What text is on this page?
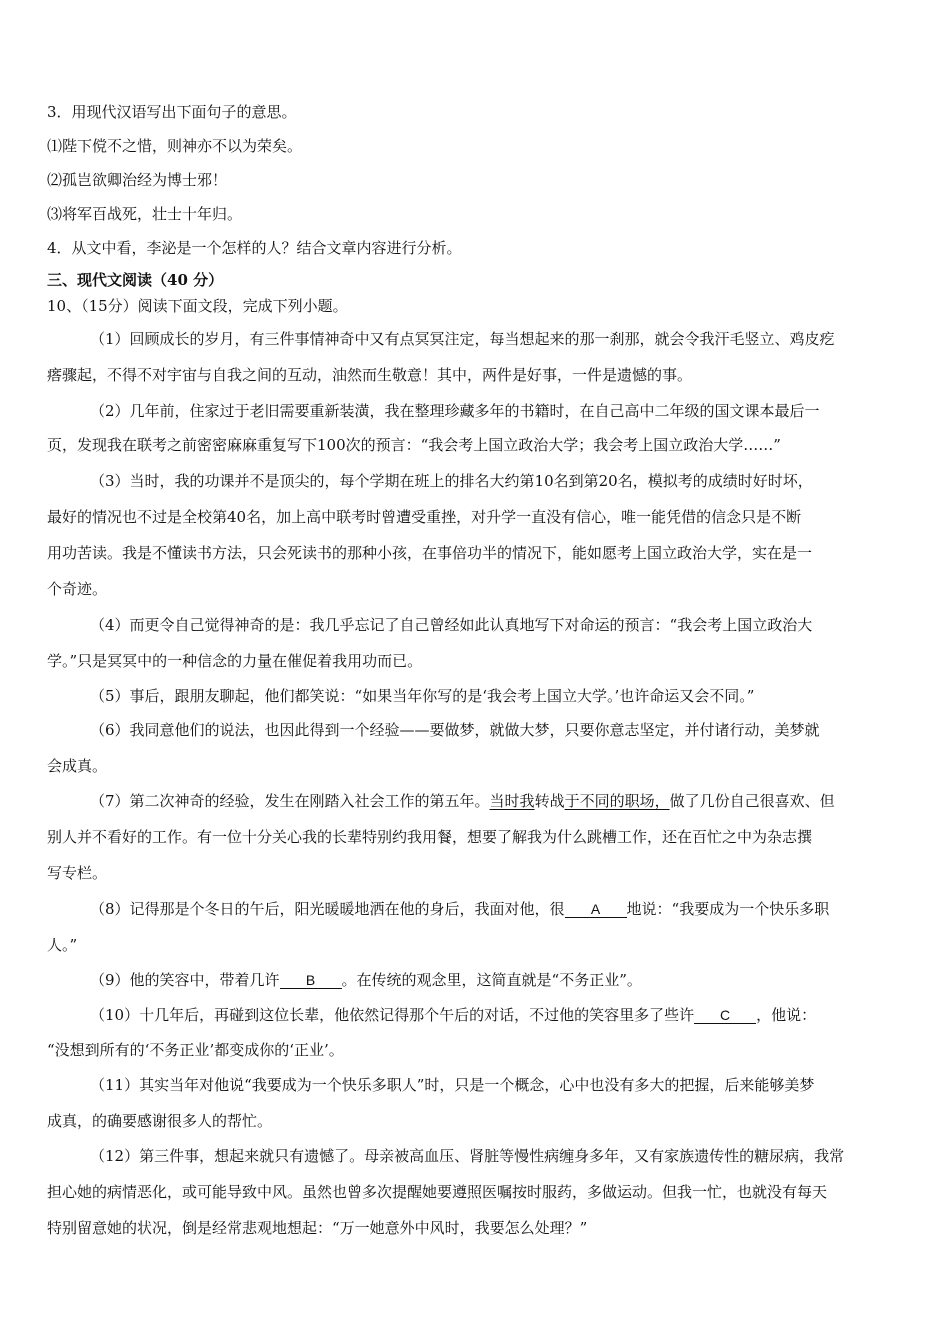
3．用现代汉语写出下面句子的意思。
⑴陛下傥不之惜，则神亦不以为荣矣。
⑵孤岂欲卿治经为博士邪！
⑶将军百战死，壮士十年归。
4．从文中看，李泌是一个怎样的人？结合文章内容进行分析。
三、现代文阅读（40 分）
10、（15分）阅读下面文段，完成下列小题。
（1）回顾成长的岁月，有三件事情神奇中又有点冥冥注定，每当想起来的那一刹那，就会令我汗毛竖立、鸡皮疙
瘩骤起，不得不对宇宙与自我之间的互动，油然而生敬意！其中，两件是好事，一件是遗憾的事。
（2）几年前，住家过于老旧需要重新装潢，我在整理珍藏多年的书籍时，在自己高中二年级的国文课本最后一
页，发现我在联考之前密密麻麻重复写下100次的预言：“我会考上国立政治大学；我会考上国立政治大学……”
（3）当时，我的功课并不是顶尖的，每个学期在班上的排名大约第10名到第20名，模拟考的成绩时好时坏，
最好的情况也不过是全校第40名，加上高中联考时曾遭受重挫，对升学一直没有信心，唯一能凭借的信念只是不断
用功苦读。我是不懂读书方法，只会死读书的那种小孩，在事倍功半的情况下，能如愿考上国立政治大学，实在是一
个奇迹。
（4）而更令自己觉得神奇的是：我几乎忘记了自己曾经如此认真地写下对命运的预言：“我会考上国立政治大
学。”只是冥冥中的一种信念的力量在催促着我用功而已。
（5）事后，跟朋友聊起，他们都笑说：“如果当年你写的是‘我会考上国立大学。’也许命运又会不同。”
（6）我同意他们的说法，也因此得到一个经验——要做梦，就做大梦，只要你意志坚定，并付诸行动，美梦就
会成真。
（7）第二次神奇的经验，发生在刚踏入社会工作的第五年。当时我转战于不同的职场，做了几份自己很喜欢、但
别人并不看好的工作。有一位十分关心我的长辈特别约我用餐，想要了解我为什么跳槽工作，还在百忙之中为杂志撰
写专栏。
（8）记得那是个冬日的午后，阳光暖暖地洒在他的身后，我面对他，很 A 地说：“我要成为一个快乐多职
人。”
（9）他的笑容中，带着几许 B 。在传统的观念里，这简直就是“不务正业”。
（10）十几年后，再碰到这位长辈，他依然记得那个午后的对话，不过他的笑容里多了些许 C ，他说：
“没想到所有的‘不务正业’都变成你的‘正业’。
（11）其实当年对他说“我要成为一个快乐多职人”时，只是一个概念，心中也没有多大的把握，后来能够美梦
成真，的确要感谢很多人的帮忙。
（12）第三件事，想起来就只有遗憾了。母亲被高血压、肾脏等慢性病缠身多年，又有家族遗传性的糖尿病，我常
担心她的病情恶化，或可能导致中风。虽然也曾多次提醒她要遵照医嘱按时服药，多做运动。但我一忙，也就没有每天
特别留意她的状况，倒是经常悲观地想起：“万一她意外中风时，我要怎么处理？”
